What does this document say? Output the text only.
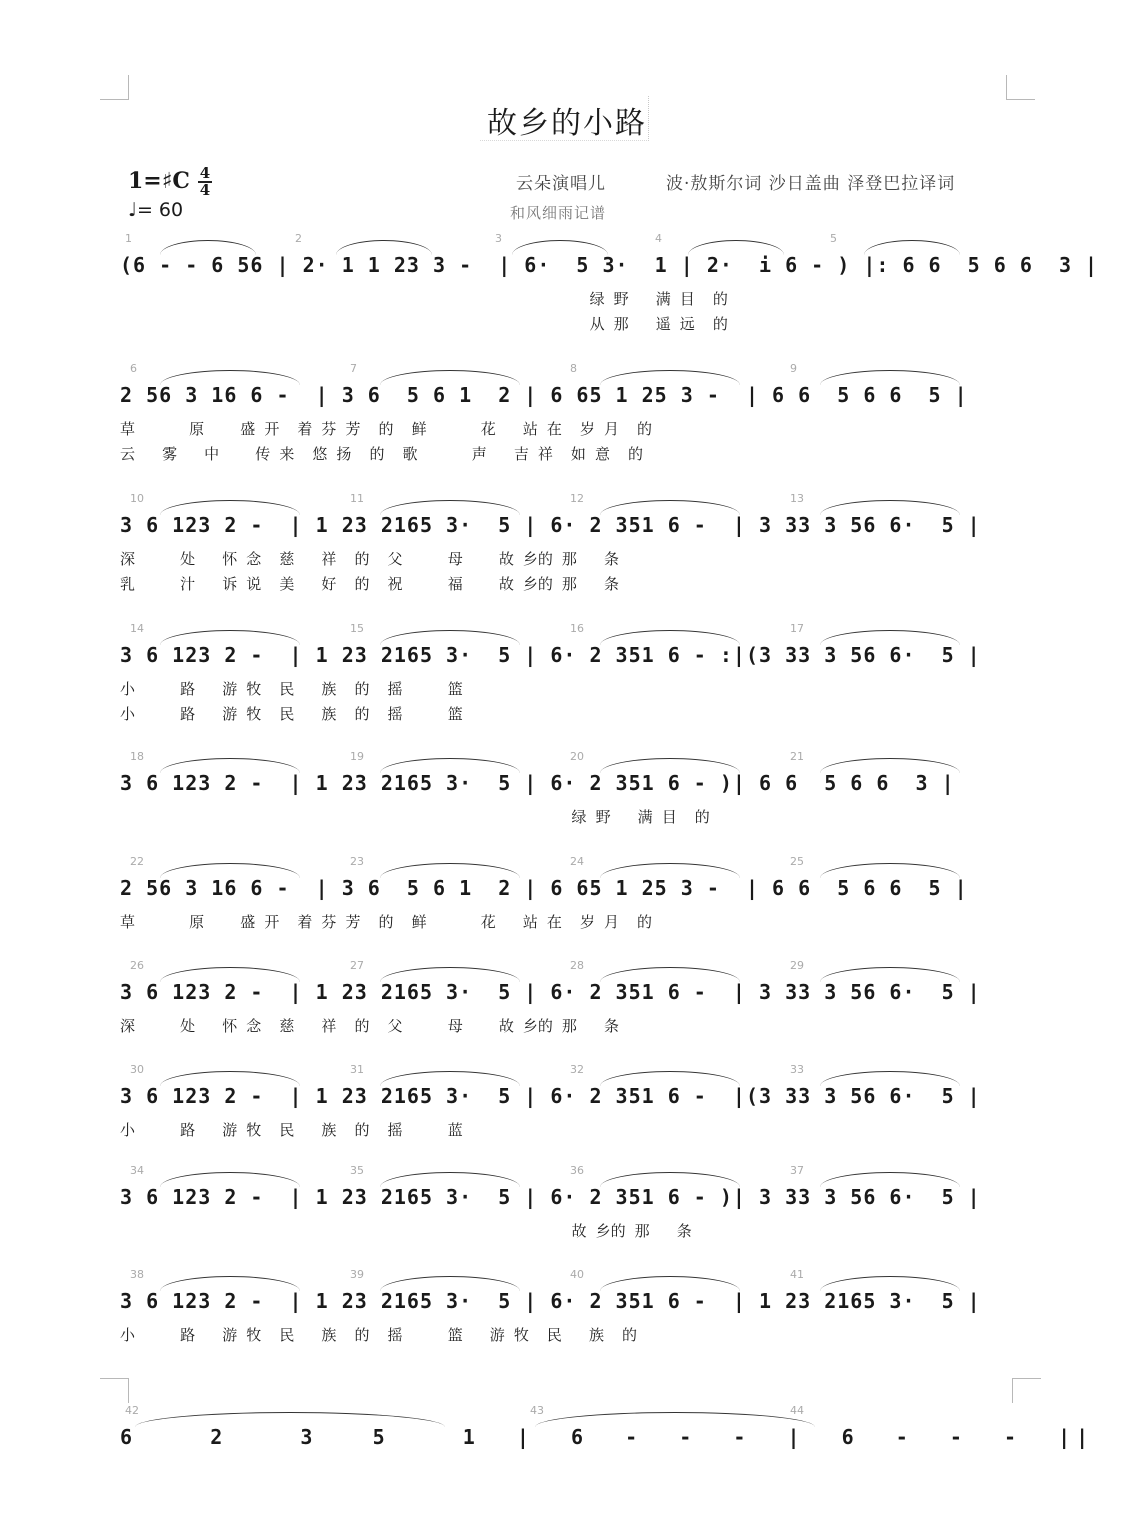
故乡的小路
1=♯C 4
4
♩= 60
云朵演唱儿	波·敖斯尔词 沙日盖曲 泽登巴拉译词
和风细雨记谱
(6 - - 6 56 | 2· 1 1 23 3 -  | 6·  5 3·  1 | 2·  i 6 - ) |: 6 6  5 6 6  3 |
1	2	3	4	5
绿 野   满 目  的
从 那   遥 远  的
2 56 3 16 6 -  | 3 6  5 6 1  2 | 6 65 1 25 3 -  | 6 6  5 6 6  5 |
6	7	8	9
草      原    盛 开  着 芬 芳  的  鲜      花   站 在  岁 月  的
云   雾   中    传 来  悠 扬  的  歌      声   吉 祥  如 意  的
3 6 123 2 -  | 1 23 2165 3·  5 | 6· 2 351 6 -  | 3 33 3 56 6·  5 |
10	11	12	13
深     处   怀 念  慈   祥  的  父     母    故 乡的 那   条
乳     汁   诉 说  美   好  的  祝     福    故 乡的 那   条
3 6 123 2 -  | 1 23 2165 3·  5 | 6· 2 351 6 - :|(3 33 3 56 6·  5 |
14	15	16	17
小     路   游 牧  民   族  的  摇     篮
小     路   游 牧  民   族  的  摇     篮
3 6 123 2 -  | 1 23 2165 3·  5 | 6· 2 351 6 - )| 6 6  5 6 6  3 |
18	19	20	21
绿 野   满 目  的
2 56 3 16 6 -  | 3 6  5 6 1  2 | 6 65 1 25 3 -  | 6 6  5 6 6  5 |
22	23	24	25
草      原    盛 开  着 芬 芳  的  鲜      花   站 在  岁 月  的
3 6 123 2 -  | 1 23 2165 3·  5 | 6· 2 351 6 -  | 3 33 3 56 6·  5 |
26	27	28	29
深     处   怀 念  慈   祥  的  父     母    故 乡的 那   条
3 6 123 2 -  | 1 23 2165 3·  5 | 6· 2 351 6 -  |(3 33 3 56 6·  5 |
30	31	32	33
小     路   游 牧  民   族  的  摇     蓝
3 6 123 2 -  | 1 23 2165 3·  5 | 6· 2 351 6 - )| 3 33 3 56 6·  5 |
34	35	36	37
故 乡的 那   条
3 6 123 2 -  | 1 23 2165 3·  5 | 6· 2 351 6 -  | 1 23 2165 3·  5 |
38	39	40	41
小     路   游 牧  民   族  的  摇     篮   游 牧  民   族  的
6    2    3   5    1  |  6  -  -  -  |  6  -  -  -  ||
42	43	44
